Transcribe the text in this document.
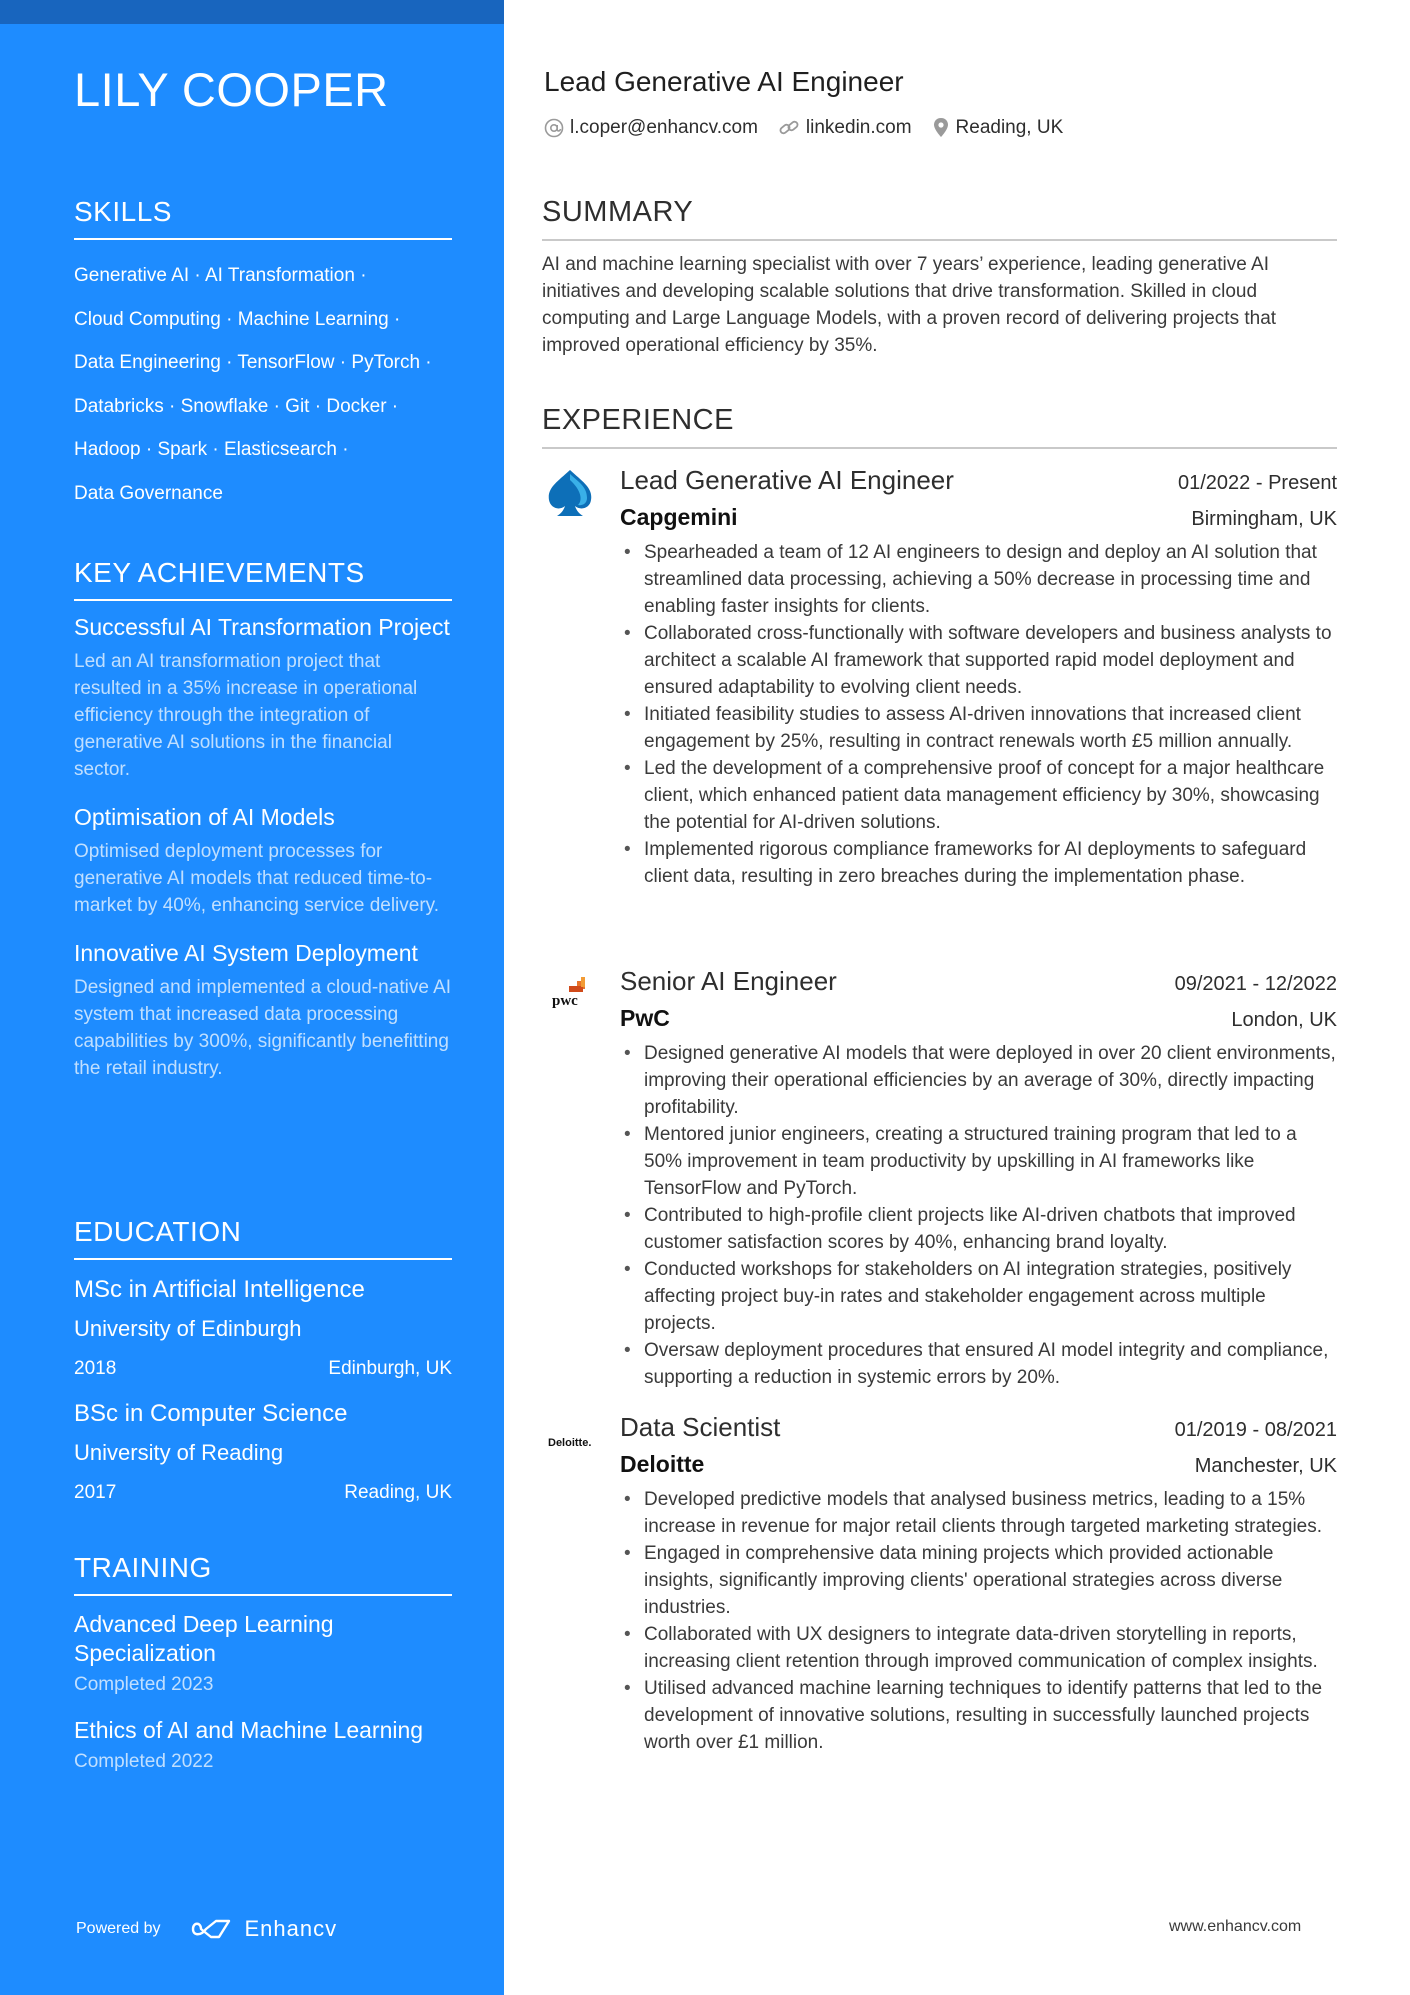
LILY COOPER
SKILLS
Generative AI · AI Transformation ·
Cloud Computing · Machine Learning ·
Data Engineering · TensorFlow · PyTorch ·
Databricks · Snowflake · Git · Docker ·
Hadoop · Spark · Elasticsearch ·
Data Governance
KEY ACHIEVEMENTS
Successful AI Transformation Project
Led an AI transformation project that resulted in a 35% increase in operational efficiency through the integration of generative AI solutions in the financial sector.
Optimisation of AI Models
Optimised deployment processes for generative AI models that reduced time-to-market by 40%, enhancing service delivery.
Innovative AI System Deployment
Designed and implemented a cloud-native AI system that increased data processing capabilities by 300%, significantly benefitting the retail industry.
EDUCATION
MSc in Artificial Intelligence
University of Edinburgh
2018	Edinburgh, UK
BSc in Computer Science
University of Reading
2017	Reading, UK
TRAINING
Advanced Deep Learning Specialization
Completed 2023
Ethics of AI and Machine Learning
Completed 2022
Powered by	Enhancv
Lead Generative AI Engineer
l.coper@enhancv.com	linkedin.com Reading, UK
SUMMARY
AI and machine learning specialist with over 7 years’ experience, leading generative AI initiatives and developing scalable solutions that drive transformation. Skilled in cloud computing and Large Language Models, with a proven record of delivering projects that improved operational efficiency by 35%.
EXPERIENCE
Lead Generative AI Engineer	01/2022 - Present
Capgemini	Birmingham, UK
• Spearheaded a team of 12 AI engineers to design and deploy an AI solution that streamlined data processing, achieving a 50% decrease in processing time and enabling faster insights for clients.
• Collaborated cross-functionally with software developers and business analysts to architect a scalable AI framework that supported rapid model deployment and ensured adaptability to evolving client needs.
• Initiated feasibility studies to assess AI-driven innovations that increased client engagement by 25%, resulting in contract renewals worth £5 million annually.
• Led the development of a comprehensive proof of concept for a major healthcare client, which enhanced patient data management efficiency by 30%, showcasing the potential for AI-driven solutions.
• Implemented rigorous compliance frameworks for AI deployments to safeguard client data, resulting in zero breaches during the implementation phase.
pwc
Senior AI Engineer	09/2021 - 12/2022
PwC	London, UK
• Designed generative AI models that were deployed in over 20 client environments, improving their operational efficiencies by an average of 30%, directly impacting profitability.
• Mentored junior engineers, creating a structured training program that led to a 50% improvement in team productivity by upskilling in AI frameworks like TensorFlow and PyTorch.
• Contributed to high-profile client projects like AI-driven chatbots that improved customer satisfaction scores by 40%, enhancing brand loyalty.
• Conducted workshops for stakeholders on AI integration strategies, positively affecting project buy-in rates and stakeholder engagement across multiple projects.
• Oversaw deployment procedures that ensured AI model integrity and compliance, supporting a reduction in systemic errors by 20%.
Deloitte.
Data Scientist	01/2019 - 08/2021
Deloitte	Manchester, UK
• Developed predictive models that analysed business metrics, leading to a 15% increase in revenue for major retail clients through targeted marketing strategies.
• Engaged in comprehensive data mining projects which provided actionable insights, significantly improving clients' operational strategies across diverse industries.
• Collaborated with UX designers to integrate data-driven storytelling in reports, increasing client retention through improved communication of complex insights.
• Utilised advanced machine learning techniques to identify patterns that led to the development of innovative solutions, resulting in successfully launched projects worth over £1 million.
www.enhancv.com
